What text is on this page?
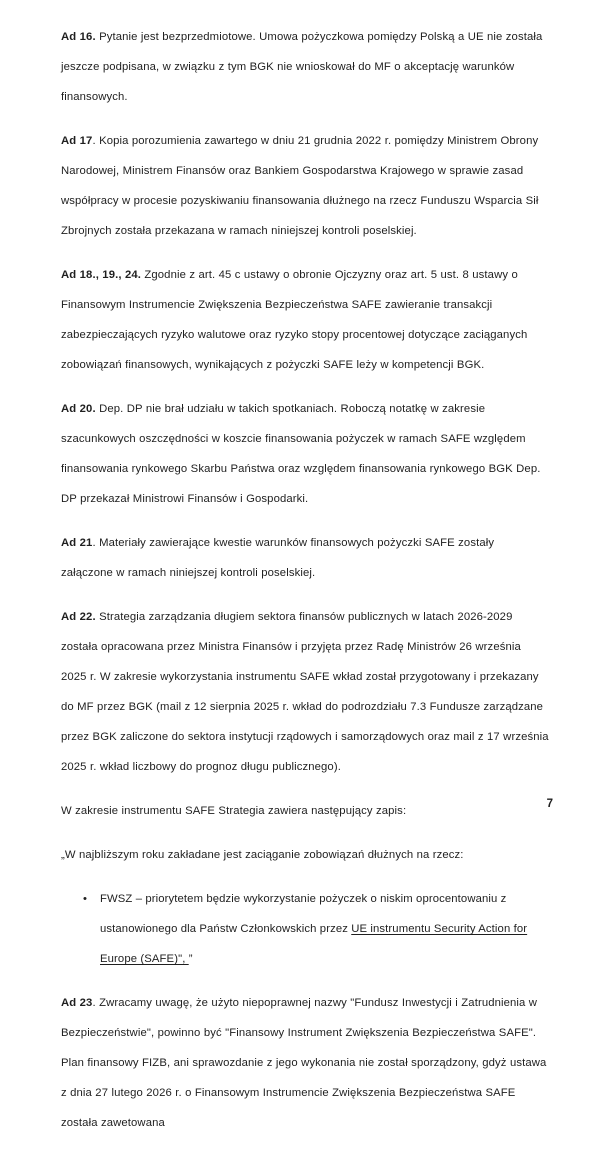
Ad 16. Pytanie jest bezprzedmiotowe. Umowa pożyczkowa pomiędzy Polską a UE nie została jeszcze podpisana, w związku z tym BGK nie wnioskował do MF o akceptację warunków finansowych.

Ad 17. Kopia porozumienia zawartego w dniu 21 grudnia 2022 r. pomiędzy Ministrem Obrony Narodowej, Ministrem Finansów oraz Bankiem Gospodarstwa Krajowego w sprawie zasad współpracy w procesie pozyskiwaniu finansowania dłużnego na rzecz Funduszu Wsparcia Sił Zbrojnych została przekazana w ramach niniejszej kontroli poselskiej.

Ad 18., 19., 24. Zgodnie z art. 45 c ustawy o obronie Ojczyzny oraz art. 5 ust. 8 ustawy o Finansowym Instrumencie Zwiększenia Bezpieczeństwa SAFE zawieranie transakcji zabezpieczających ryzyko walutowe oraz ryzyko stopy procentowej dotyczące zaciąganych zobowiązań finansowych, wynikających z pożyczki SAFE leży w kompetencji BGK.

Ad 20. Dep. DP nie brał udziału w takich spotkaniach. Roboczą notatkę w zakresie szacunkowych oszczędności w koszcie finansowania pożyczek w ramach SAFE względem finansowania rynkowego Skarbu Państwa oraz względem finansowania rynkowego BGK Dep. DP przekazał Ministrowi Finansów i Gospodarki.

Ad 21. Materiały zawierające kwestie warunków finansowych pożyczki SAFE zostały załączone w ramach niniejszej kontroli poselskiej.

Ad 22. Strategia zarządzania długiem sektora finansów publicznych w latach 2026-2029 została opracowana przez Ministra Finansów i przyjęta przez Radę Ministrów 26 września 2025 r. W zakresie wykorzystania instrumentu SAFE wkład został przygotowany i przekazany do MF przez BGK (mail z 12 sierpnia 2025 r. wkład do podrozdziału 7.3 Fundusze zarządzane przez BGK zaliczone do sektora instytucji rządowych i samorządowych oraz mail z 17 września 2025 r. wkład liczbowy do prognoz długu publicznego).

W zakresie instrumentu SAFE Strategia zawiera następujący zapis:

„W najbliższym roku zakładane jest zaciąganie zobowiązań dłużnych na rzecz:

• FWSZ – priorytetem będzie wykorzystanie pożyczek o niskim oprocentowaniu z ustanowionego dla Państw Członkowskich przez UE instrumentu Security Action for Europe (SAFE)", ”

Ad 23. Zwracamy uwagę, że użyto niepoprawnej nazwy "Fundusz Inwestycji i Zatrudnienia w Bezpieczeństwie", powinno być "Finansowy Instrument Zwiększenia Bezpieczeństwa SAFE". Plan finansowy FIZB, ani sprawozdanie z jego wykonania nie został sporządzony, gdyż ustawa z dnia 27 lutego 2026 r. o Finansowym Instrumencie Zwiększenia Bezpieczeństwa SAFE została zawetowana

7
